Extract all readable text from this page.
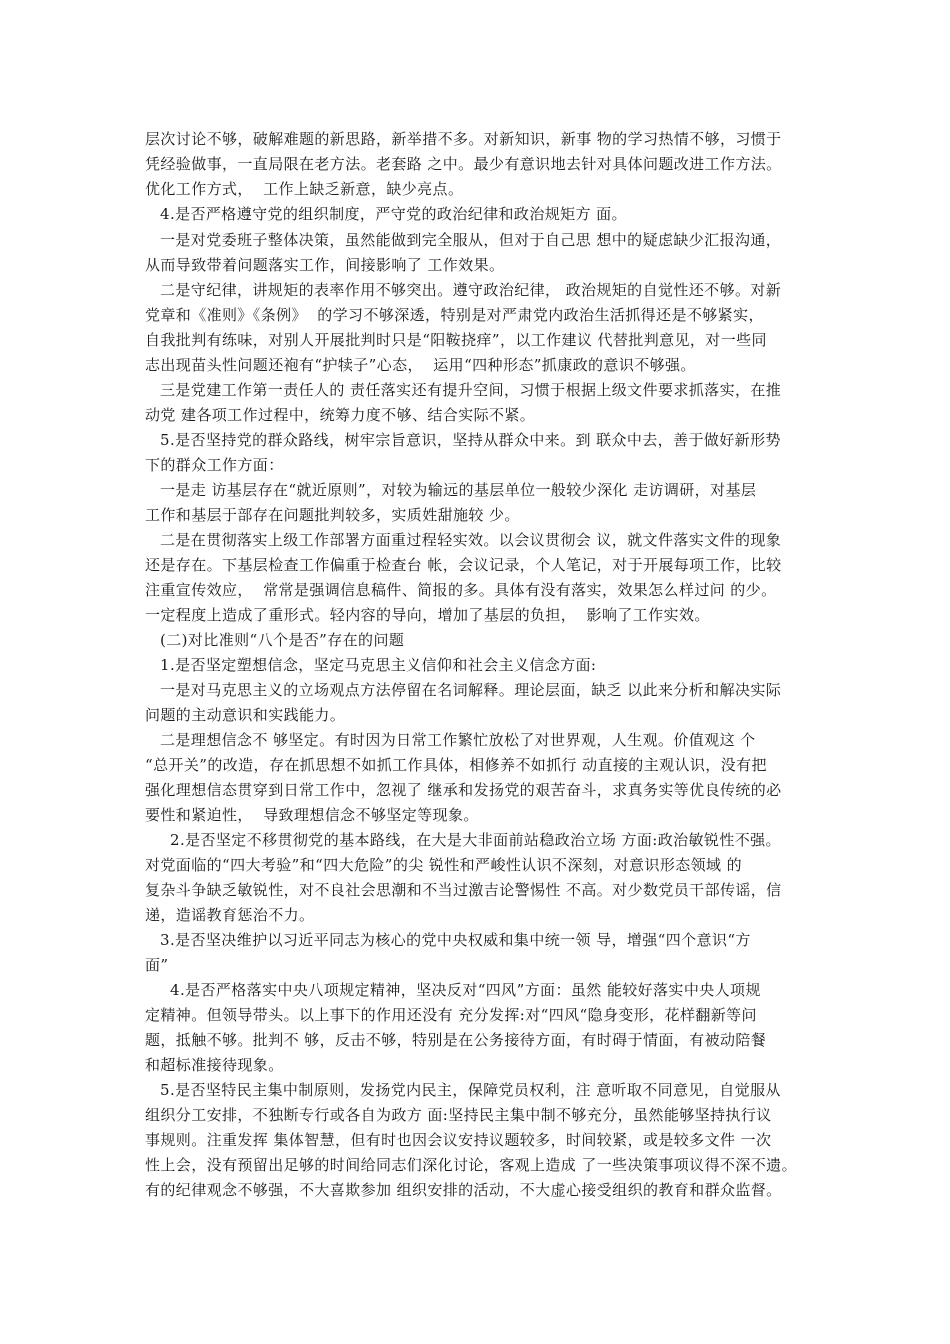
层次讨论不够，破解难题的新思路，新举措不多。对新知识，新事 物的学习热情不够，习惯于
凭经验做事，一直局限在老方法。老套路 之中。最少有意识地去针对具体问题改进工作方法。
优化工作方式，  工作上缺乏新意，缺少亮点。
4.是否严格遵守党的组织制度，严守党的政治纪律和政治规矩方 面。
一是对党委班子整体决策，虽然能做到完全服从，但对于自己思 想中的疑虑缺少汇报沟通，
从而导致带着问题落实工作，间接影响了 工作效果。
二是守纪律，讲规矩的表率作用不够突出。遵守政治纪律， 政治规矩的自觉性还不够。对新
党章和《准则》《条例》  的学习不够深透，特别是对严肃党内政治生活抓得还是不够紧实，
自我批判有练味，对别人开展批判时只是“阳鞍挠痒”，以工作建议 代替批判意见，对一些同
志出现苗头性问题还袍有“护犊子”心态，  运用“四种形态”抓康政的意识不够强。
三是党建工作第一责任人的 责任落实还有提升空间，习惯于根据上级文件要求抓落实，在推
动党 建各项工作过程中，统筹力度不够、结合实际不紧。
5.是否坚持党的群众路线，树牢宗旨意识，坚持从群众中来。到 联众中去，善于做好新形势
下的群众工作方面：
一是走 访基层存在“就近原则”，对较为输远的基层单位一般较少深化 走访调研，对基层
工作和基层于部存在问题批判较多，实质姓甜施较 少。
二是在贯彻落实上级工作部署方面重过程轻实效。以会议贯彻会 议，就文件落实文件的现象
还是存在。下基层检查工作偏重于检查台 帐，会议记录，个人笔记，对于开展每项工作，比较
注重宣传效应，  常常是强调信息稿件、简报的多。具体有没有落实，效果怎么样过问 的少。
一定程度上造成了重形式。轻内容的导向，增加了基层的负担，  影响了工作实效。
(二)对比准则“八个是否”存在的问题
1.是否坚定塑想信念，坚定马克思主义信仰和社会主义信念方面:
一是对马克思主义的立场观点方法停留在名词解释。理论层面，缺乏 以此来分析和解决实际
问题的主动意识和实践能力。
二是理想信念不 够坚定。有时因为日常工作繁忙放松了对世界观，人生观。价值观这 个
“总开关”的改造，存在抓思想不如抓工作具体，相修养不如抓行 动直接的主观认识，没有把
强化理想信态贯穿到日常工作中，忽视了 继承和发扬党的艰苦奋斗，求真务实等优良传统的必
要性和紧迫性，  导致理想信念不够坚定等现象。
2.是否坚定不移贯彻党的基本路线，在大是大非面前站稳政治立场 方面:政治敏锐性不强。
对党面临的“四大考验”和“四大危险”的尖 锐性和严峻性认识不深刻，对意识形态领域 的
复杂斗争缺乏敏锐性，对不良社会思潮和不当过激吉论警惕性 不高。对少数党员干部传谣，信
递，造谣教育惩治不力。
3.是否坚决维护以习近平同志为核心的党中央权威和集中统一领 导，增强“四个意识“方
面”
4.是否严格落实中央八项规定精神，坚决反对“四风”方面：虽然 能较好落实中央人项规
定精神。但领导带头。以上事下的作用还没有 充分发挥:对“四风“隐身变形，花样翻新等问
题，抵触不够。批判不 够，反击不够，特别是在公务接待方面，有时碍于情面，有被动陪餐
和超标准接待现象。
5.是否坚特民主集中制原则，发扬党内民主，保障党员权利，注 意听取不同意见，自觉服从
组织分工安排，不独断专行或各自为政方 面:坚持民主集中制不够充分，虽然能够坚持执行议
事规则。注重发挥 集体智慧，但有时也因会议安持议题较多，时间较紧，或是较多文件 一次
性上会，没有预留出足够的时间给同志们深化讨论，客观上造成 了一些决策事项议得不深不遗。
有的纪律观念不够强，不大喜欺参加 组织安排的活动，不大虚心接受组织的教育和群众监督。
